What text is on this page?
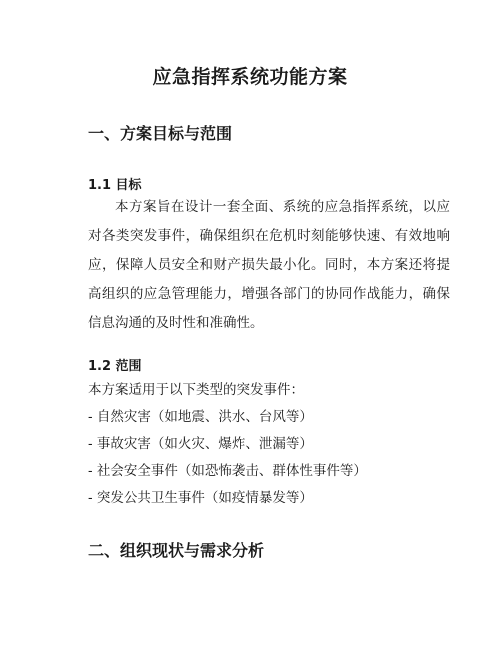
应急指挥系统功能方案
一、方案目标与范围
1.1 目标
本方案旨在设计一套全面、系统的应急指挥系统，以应对各类突发事件，确保组织在危机时刻能够快速、有效地响应，保障人员安全和财产损失最小化。同时，本方案还将提高组织的应急管理能力，增强各部门的协同作战能力，确保信息沟通的及时性和准确性。
1.2 范围
本方案适用于以下类型的突发事件：
- 自然灾害（如地震、洪水、台风等）
- 事故灾害（如火灾、爆炸、泄漏等）
- 社会安全事件（如恐怖袭击、群体性事件等）
- 突发公共卫生事件（如疫情暴发等）
二、组织现状与需求分析
